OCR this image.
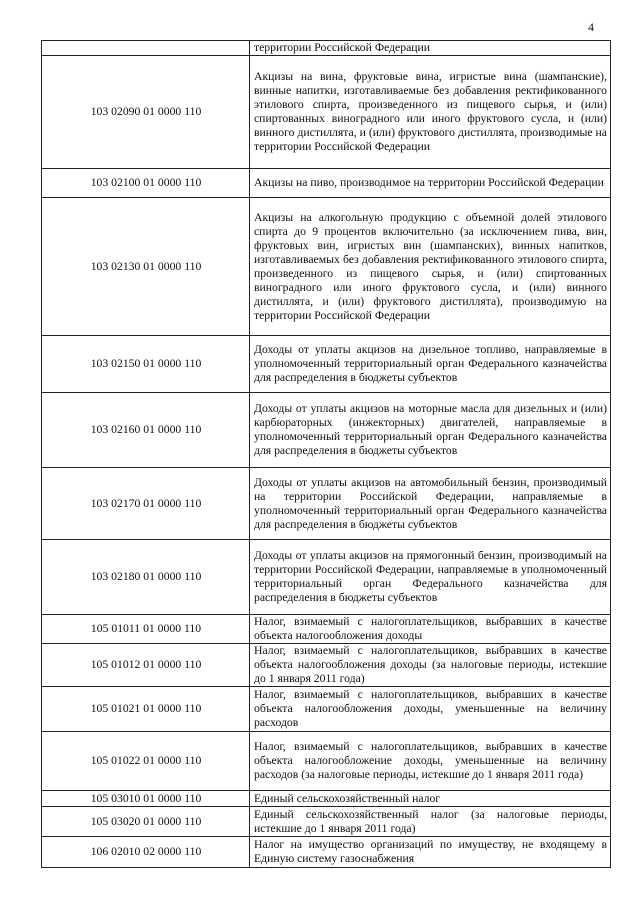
4
	территории Российской Федерации
103 02090 01 0000 110	Акцизы на вина, фруктовые вина, игристые вина (шампанские), винные напитки, изготавливаемые без добавления ректификованного этилового спирта, произведенного из пищевого сырья, и (или) спиртованных виноградного или иного фруктового сусла, и (или) винного дистиллята, и (или) фруктового дистиллята, производимые на территории Российской Федерации
103 02100 01 0000 110	Акцизы на пиво, производимое на территории Российской Федерации
103 02130 01 0000 110	Акцизы на алкогольную продукцию с объемной долей этилового спирта до 9 процентов включительно (за исключением пива, вин, фруктовых вин, игристых вин (шампанских), винных напитков, изготавливаемых без добавления ректификованного этилового спирта, произведенного из пищевого сырья, и (или) спиртованных виноградного или иного фруктового сусла, и (или) винного дистиллята, и (или) фруктового дистиллята), производимую на территории Российской Федерации
103 02150 01 0000 110	Доходы от уплаты акцизов на дизельное топливо, направляемые в уполномоченный территориальный орган Федерального казначейства для распределения в бюджеты субъектов
103 02160 01 0000 110	Доходы от уплаты акцизов на моторные масла для дизельных и (или) карбюраторных (инжекторных) двигателей, направляемые в уполномоченный территориальный орган Федерального казначейства для распределения в бюджеты субъектов
103 02170 01 0000 110	Доходы от уплаты акцизов на автомобильный бензин, производимый на территории Российской Федерации, направляемые в уполномоченный территориальный орган Федерального казначейства для распределения в бюджеты субъектов
103 02180 01 0000 110	Доходы от уплаты акцизов на прямогонный бензин, производимый на территории Российской Федерации, направляемые в уполномоченный территориальный орган Федерального казначейства для распределения в бюджеты субъектов
105 01011 01 0000 110	Налог, взимаемый с налогоплательщиков, выбравших в качестве объекта налогообложения доходы
105 01012 01 0000 110	Налог, взимаемый с налогоплательщиков, выбравших в качестве объекта налогообложения доходы (за налоговые периоды, истекшие до 1 января 2011 года)
105 01021 01 0000 110	Налог, взимаемый с налогоплательщиков, выбравших в качестве объекта налогообложения доходы, уменьшенные на величину расходов
105 01022 01 0000 110	Налог, взимаемый с налогоплательщиков, выбравших в качестве объекта налогообложение доходы, уменьшенные на величину расходов (за налоговые периоды, истекшие до 1 января 2011 года)
105 03010 01 0000 110	Единый сельскохозяйственный налог
105 03020 01 0000 110	Единый сельскохозяйственный налог (за налоговые периоды, истекшие до 1 января 2011 года)
106 02010 02 0000 110	Налог на имущество организаций по имуществу, не входящему в Единую систему газоснабжения
